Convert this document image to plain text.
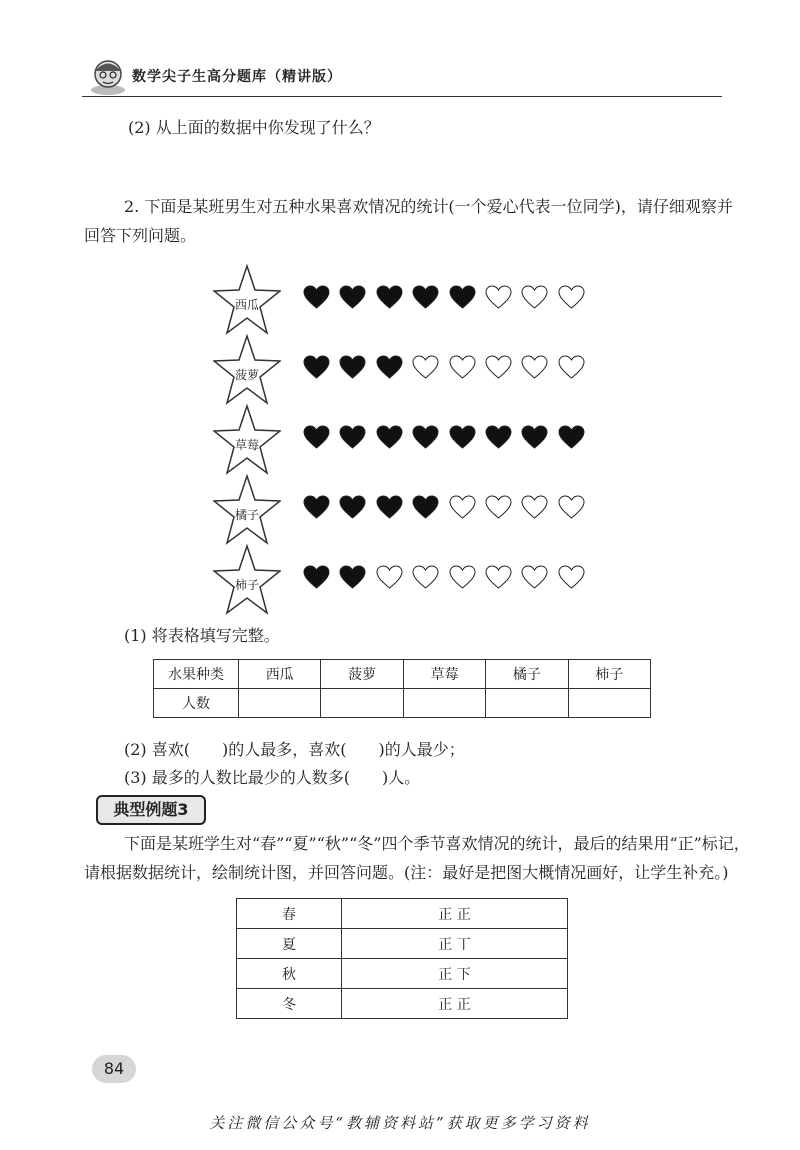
数学尖子生高分题库（精讲版）
(2) 从上面的数据中你发现了什么？
2. 下面是某班男生对五种水果喜欢情况的统计(一个爱心代表一位同学)，请仔细观察并
回答下列问题。
西瓜
菠萝
草莓
橘子
柿子
(1) 将表格填写完整。
水果种类	西瓜	菠萝	草莓	橘子	柿子
人数					
(2) 喜欢(　　)的人最多，喜欢(　　)的人最少；
(3) 最多的人数比最少的人数多(　　)人。
典型例题3
下面是某班学生对“春”“夏”“秋”“冬”四个季节喜欢情况的统计，最后的结果用“正”标记，
请根据数据统计，绘制统计图，并回答问题。(注：最好是把图大概情况画好，让学生补充。)
春	正 正
夏	正 丅
秋	正 下
冬	正 正
84
关注微信公众号“教辅资料站”获取更多学习资料
